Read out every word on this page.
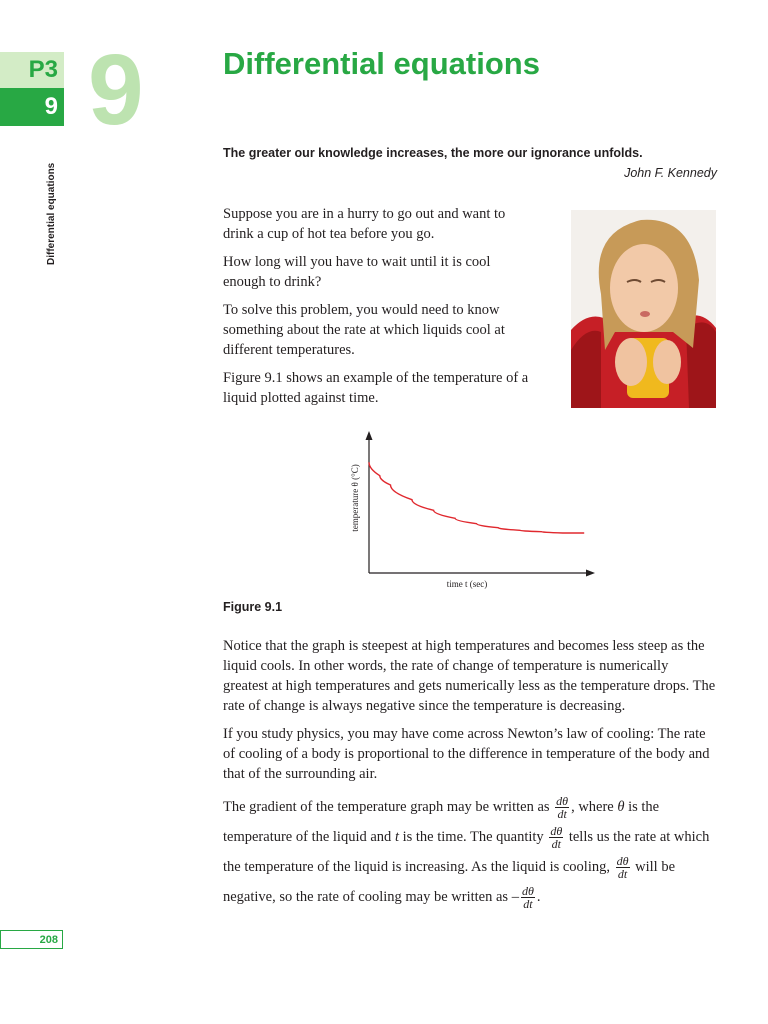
P3
9 9
Differential equations
Differential equations

The greater our knowledge increases, the more our ignorance unfolds.

John F. Kennedy

Suppose you are in a hurry to go out and want to drink a cup of hot tea before you go.

How long will you have to wait until it is cool enough to drink?

To solve this problem, you would need to know something about the rate at which liquids cool at different temperatures.

Figure 9.1 shows an example of the temperature of a liquid plotted against time.

time t (sec)
temperature θ (°C)
Figure 9.1

Notice that the graph is steepest at high temperatures and becomes less steep as the liquid cools. In other words, the rate of change of temperature is numerically greatest at high temperatures and gets numerically less as the temperature drops. The rate of change is always negative since the temperature is decreasing.

If you study physics, you may have come across Newton’s law of cooling: The rate of cooling of a body is proportional to the difference in temperature of the body and that of the surrounding air.

The gradient of the temperature graph may be written as $\frac{d\theta}{dt}$ , where θ is the temperature of the liquid and t is the time. The quantity $\frac{d\theta}{dt}$ tells us the rate at which the temperature of the liquid is increasing. As the liquid is cooling, $\frac{d\theta}{dt}$ will be negative, so the rate of cooling may be written as – $\frac{d\theta}{dt}$ .

208
